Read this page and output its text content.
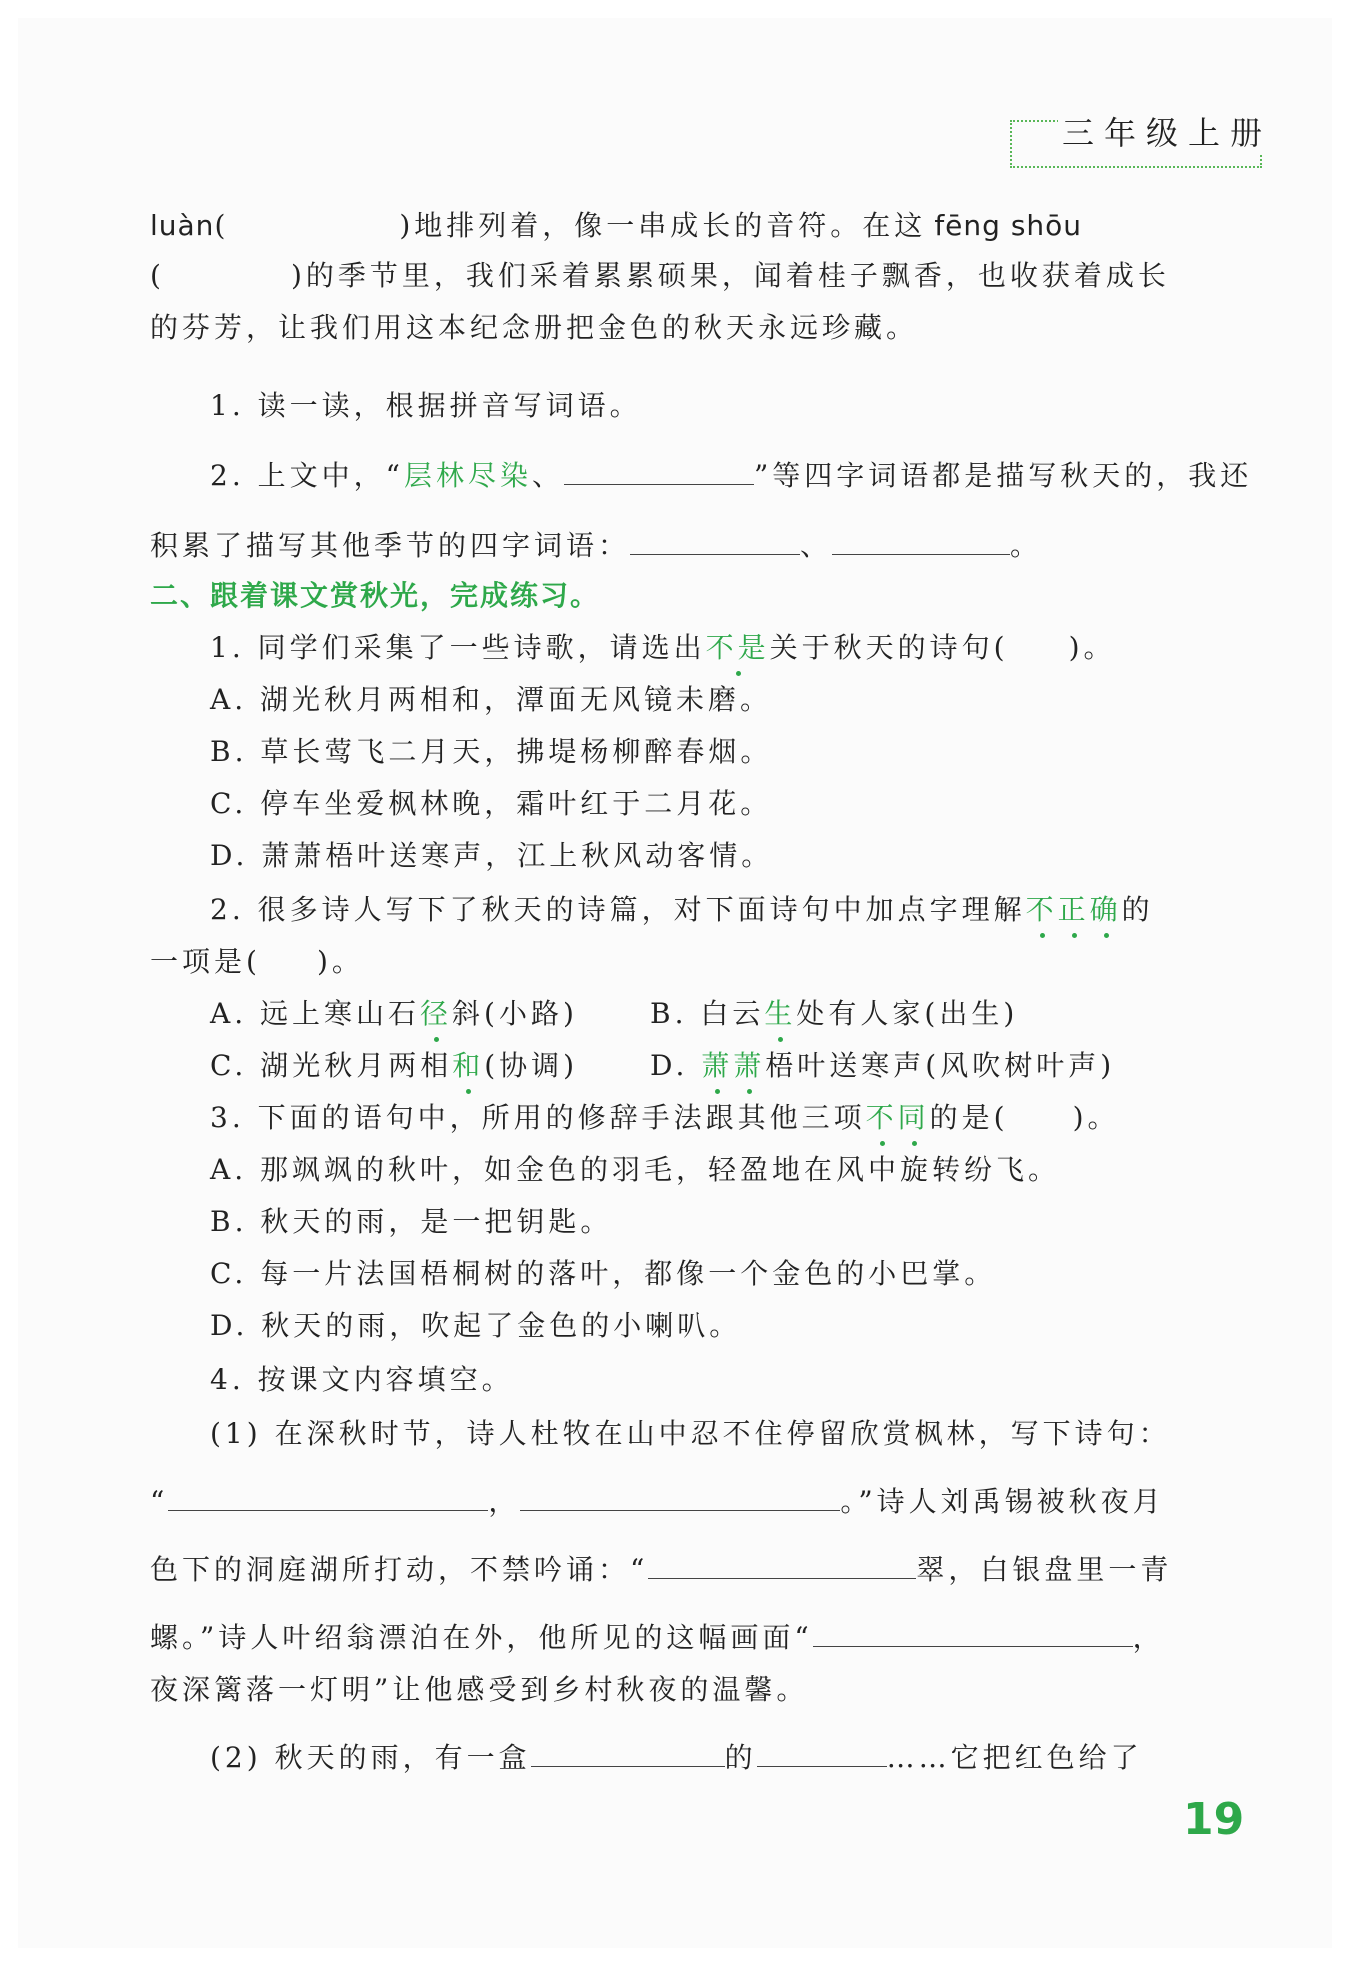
三年级上册
luàn(	)地排列着，像一串成长的音符。在这 fēng shōu
(	)的季节里，我们采着累累硕果，闻着桂子飘香，也收获着成长
的芬芳，让我们用这本纪念册把金色的秋天永远珍藏。
1. 读一读，根据拼音写词语。
2. 上文中，“层林尽染、	”等四字词语都是描写秋天的，我还
积累了描写其他季节的四字词语：	、	。
二、跟着课文赏秋光，完成练习。
1. 同学们采集了一些诗歌，请选出不是关于秋天的诗句( )。
A. 湖光秋月两相和，潭面无风镜未磨。
B. 草长莺飞二月天，拂堤杨柳醉春烟。
C. 停车坐爱枫林晚，霜叶红于二月花。
D. 萧萧梧叶送寒声，江上秋风动客情。
2. 很多诗人写下了秋天的诗篇，对下面诗句中加点字理解不正确的
一项是( )。
A. 远上寒山石径斜(小路)	B. 白云生处有人家(出生)
C. 湖光秋月两相和(协调)	D. 萧萧梧叶送寒声(风吹树叶声)
3. 下面的语句中，所用的修辞手法跟其他三项不同的是( )。
A. 那飒飒的秋叶，如金色的羽毛，轻盈地在风中旋转纷飞。
B. 秋天的雨，是一把钥匙。
C. 每一片法国梧桐树的落叶，都像一个金色的小巴掌。
D. 秋天的雨，吹起了金色的小喇叭。
4. 按课文内容填空。
(1) 在深秋时节，诗人杜牧在山中忍不住停留欣赏枫林，写下诗句：
“	，	。”诗人刘禹锡被秋夜月
色下的洞庭湖所打动，不禁吟诵：“	翠，白银盘里一青
螺。”诗人叶绍翁漂泊在外，他所见的这幅画面“	，
夜深篱落一灯明”让他感受到乡村秋夜的温馨。
(2) 秋天的雨，有一盒	的	……它把红色给了
19
